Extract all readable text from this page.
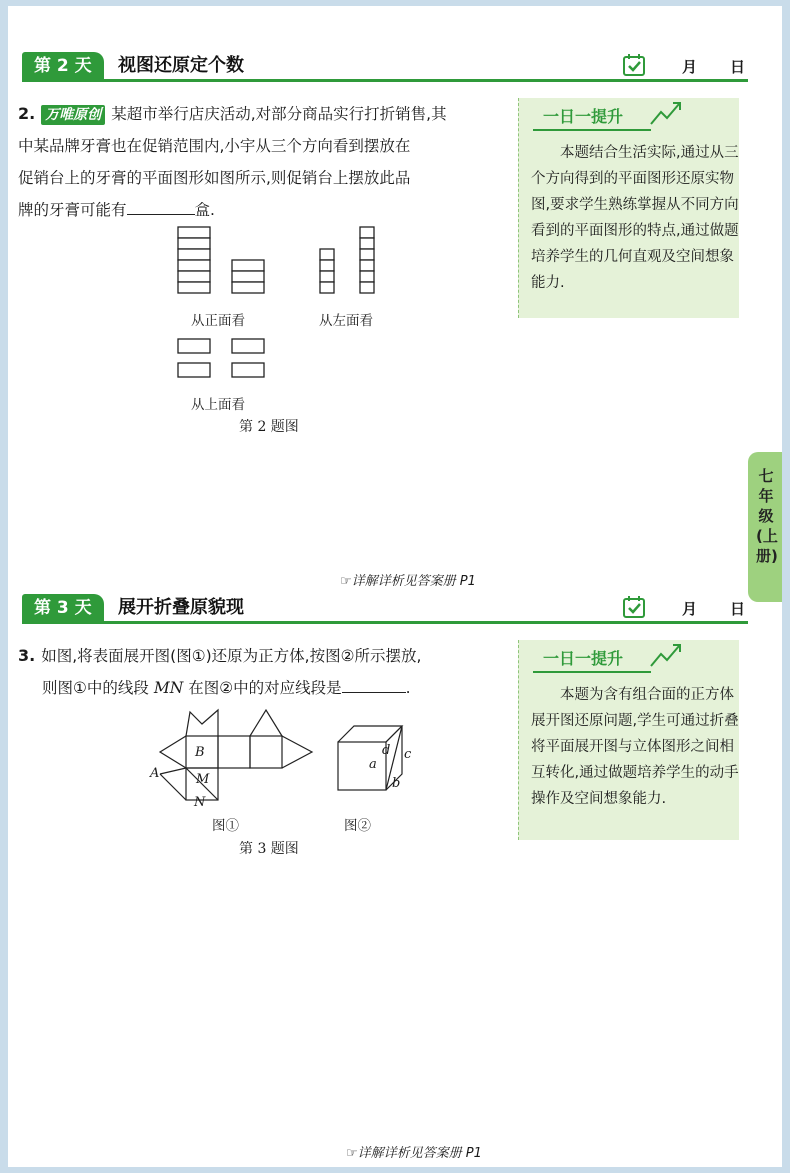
第 2 天	视图还原定个数	月 日
2. 万唯原创 某超市举行店庆活动,对部分商品实行打折销售,其
中某品牌牙膏也在促销范围内,小宇从三个方向看到摆放在
促销台上的牙膏的平面图形如图所示,则促销台上摆放此品
牌的牙膏可能有	盒.
从正面看	从左面看
从上面看
第 2 题图
☞详解详析见答案册 P1
一日一提升
本题结合生活实际,通过从三个方向得到的平面图形还原实物图,要求学生熟练掌握从不同方向看到的平面图形的特点,通过做题培养学生的几何直观及空间想象能力.
第 3 天	展开折叠原貌现	月 日
3. 如图,将表面展开图(图①)还原为正方体,按图②所示摆放,
则图①中的线段 MN 在图②中的对应线段是	.
B
A	M
N
a
d c
b
图①	图②
第 3 题图
☞详解详析见答案册 P1
一日一提升
本题为含有组合面的正方体展开图还原问题,学生可通过折叠将平面展开图与立体图形之间相互转化,通过做题培养学生的动手操作及空间想象能力.
七年级(上册)
